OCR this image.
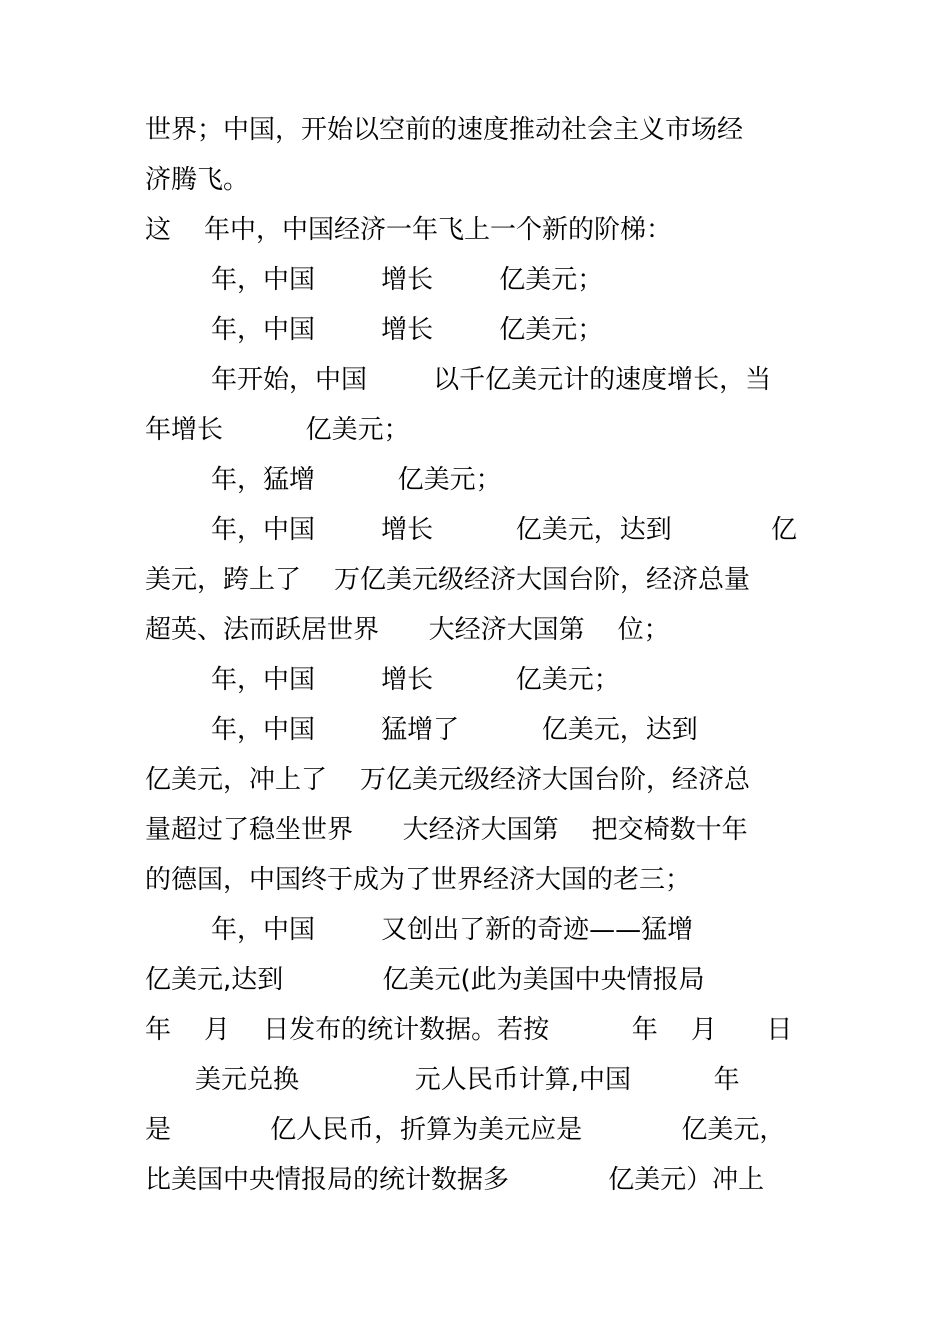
世界；中国，开始以空前的速度推动社会主义市场经
济腾飞。
这    年中，中国经济一年飞上一个新的阶梯：
年，中国        增长        亿美元；
年，中国        增长        亿美元；
年开始，中国        以千亿美元计的速度增长，当
年增长          亿美元；
年，猛增          亿美元；
年，中国        增长          亿美元，达到            亿
美元，跨上了    万亿美元级经济大国台阶，经济总量
超英、法而跃居世界      大经济大国第    位；
年，中国        增长          亿美元；
年，中国        猛增了          亿美元，达到
亿美元，冲上了    万亿美元级经济大国台阶，经济总
量超过了稳坐世界      大经济大国第    把交椅数十年
的德国，中国终于成为了世界经济大国的老三；
年，中国        又创出了新的奇迹——猛增
亿美元,达到            亿美元(此为美国中央情报局
年    月    日发布的统计数据。若按          年    月      日
美元兑换              元人民币计算,中国          年
是            亿人民币，折算为美元应是            亿美元，
比美国中央情报局的统计数据多            亿美元）冲上
